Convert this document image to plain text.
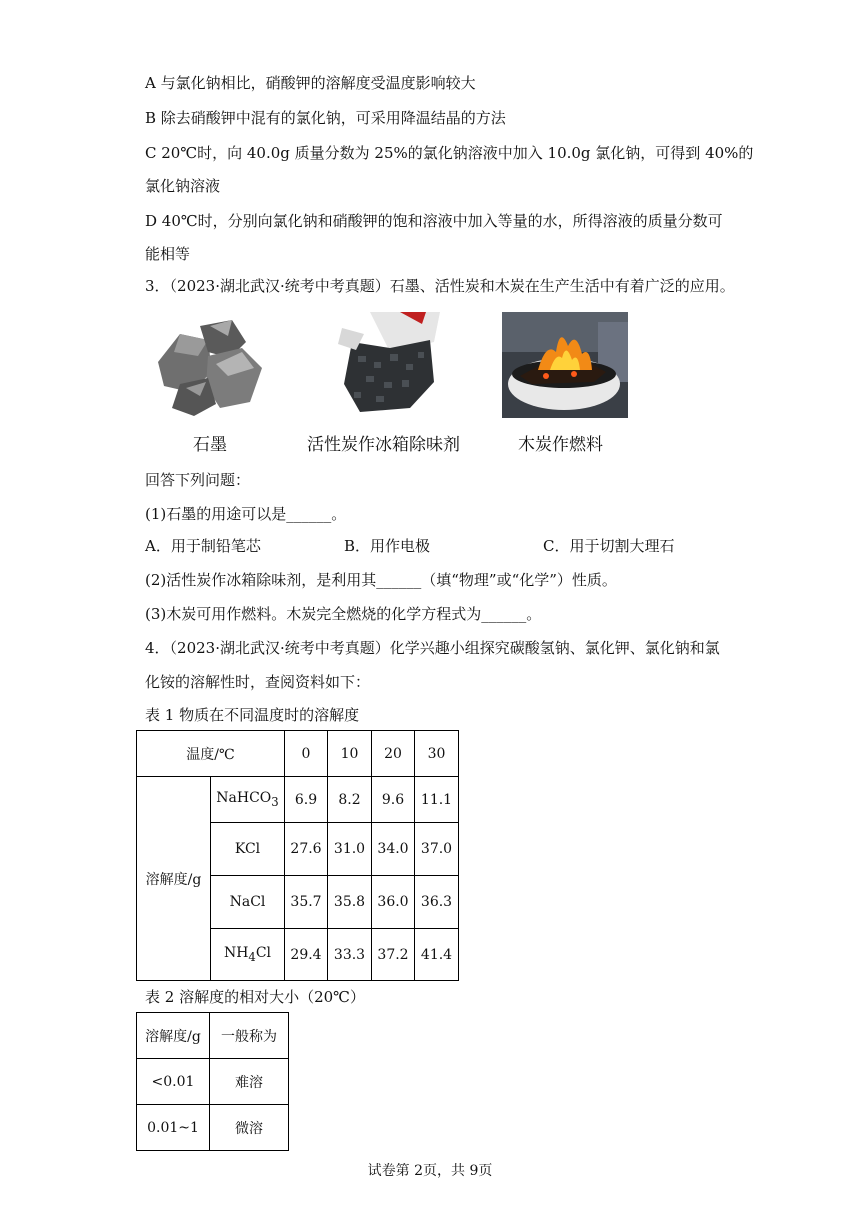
A 与氯化钠相比，硝酸钾的溶解度受温度影响较大
B 除去硝酸钾中混有的氯化钠，可采用降温结晶的方法
C 20℃时，向 40.0g 质量分数为 25%的氯化钠溶液中加入 10.0g 氯化钠，可得到 40%的
氯化钠溶液
D 40℃时，分别向氯化钠和硝酸钾的饱和溶液中加入等量的水，所得溶液的质量分数可
能相等
3．（2023·湖北武汉·统考中考真题）石墨、活性炭和木炭在生产生活中有着广泛的应用。
石墨	活性炭作冰箱除味剂	木炭作燃料
回答下列问题：
(1)石墨的用途可以是______。
A．用于制铅笔芯	B．用作电极	C．用于切割大理石
(2)活性炭作冰箱除味剂，是利用其______（填“物理”或“化学”）性质。
(3)木炭可用作燃料。木炭完全燃烧的化学方程式为______。
4．（2023·湖北武汉·统考中考真题）化学兴趣小组探究碳酸氢钠、氯化钾、氯化钠和氯
化铵的溶解性时，查阅资料如下：
表 1 物质在不同温度时的溶解度
温度/℃		0	10	20	30
溶解度/g	NaHCO$_3$	6.9	8.2	9.6	11.1
	KCl	27.6	31.0	34.0	37.0
	NaCl	35.7	35.8	36.0	36.3
	$NH_4Cl$	29.4	33.3	37.2	41.4
表 2 溶解度的相对大小（20℃）
溶解度/g	一般称为
<0.01	难溶
0.01~1	微溶
试卷第 2页，共 9页
